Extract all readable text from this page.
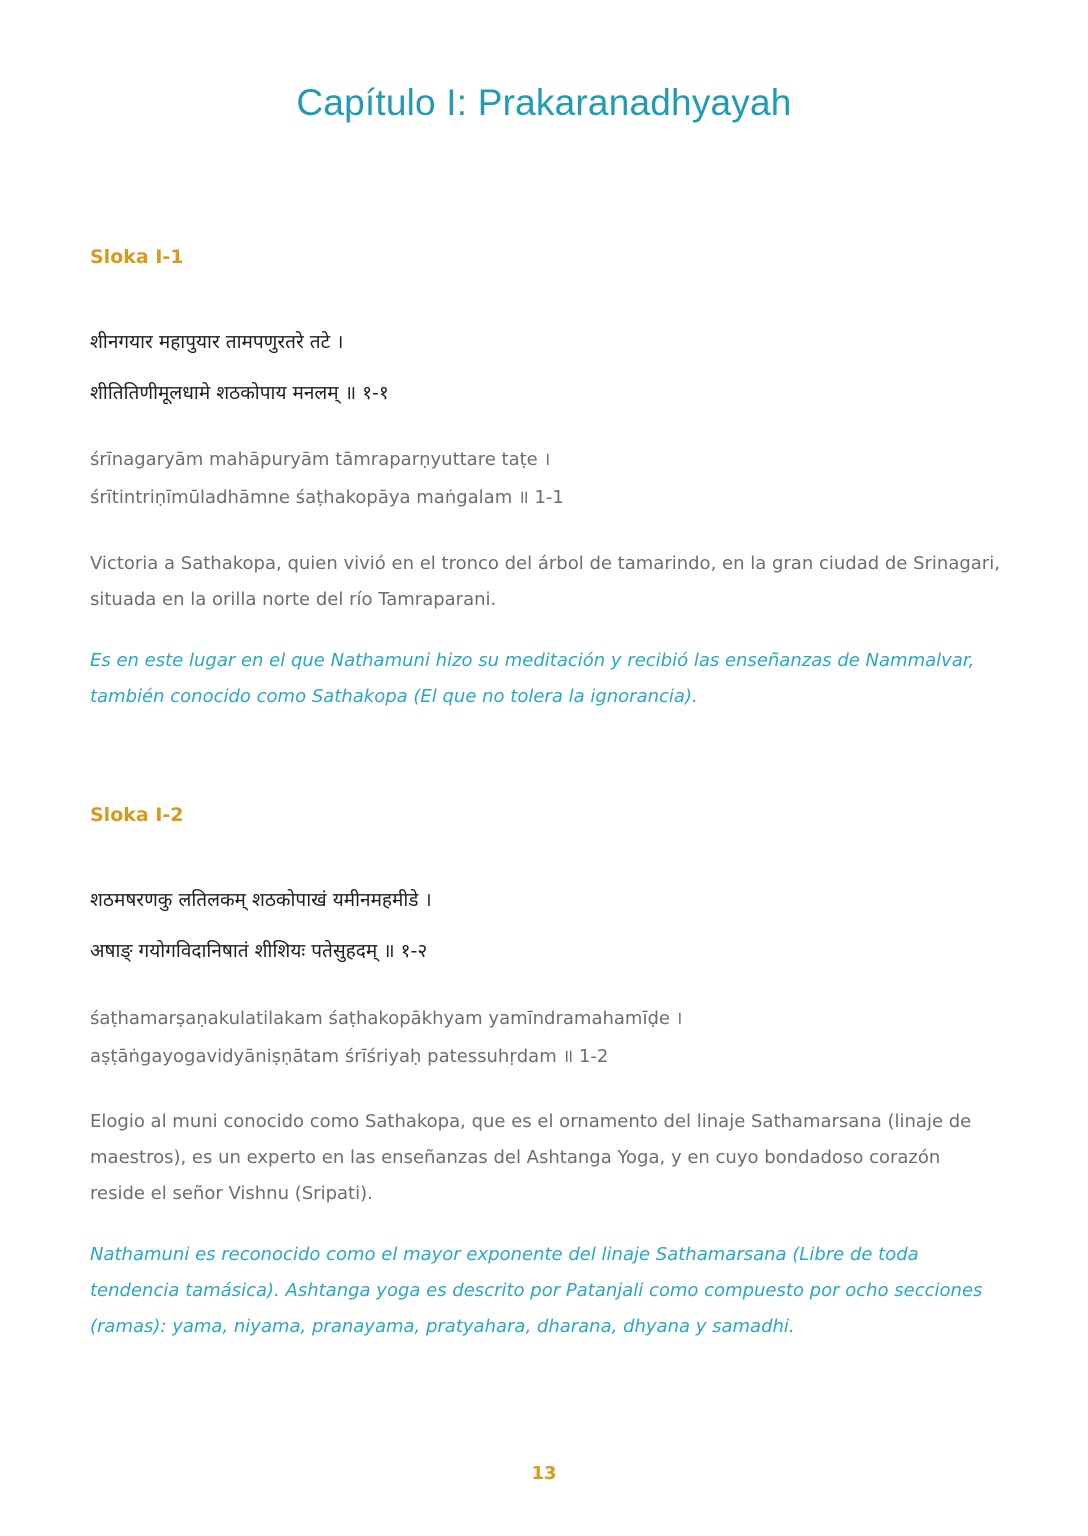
Capítulo I: Prakaranadhyayah
Sloka I-1
शीनगयार महापुयार तामपणुरतरे तटे ।
शीतितिणीमूलधामे शठकोपाय मनलम् ॥ १-१
śrīnagaryām mahāpuryām tāmraparṇyuttare taṭe ।
śrītintriṇīmūladhāmne śaṭhakopāya maṅgalam ॥ 1-1

Victoria a Sathakopa, quien vivió en el tronco del árbol de tamarindo, en la gran ciudad de Srinagari, situada en la orilla norte del río Tamraparani.

Es en este lugar en el que Nathamuni hizo su meditación y recibió las enseñanzas de Nammalvar, también conocido como Sathakopa (El que no tolera la ignorancia).

Sloka I-2
शठमषरणकु लतिलकम् शठकोपाखं यमीनमहमीडे ।
अषाङ् गयोगविदानिषातं शीशियः पतेसुहदम् ॥ १-२
śaṭhamarṣaṇakulatilakam śaṭhakopākhyam yamīndramahamīḍe ।
aṣṭāṅgayogavidyāniṣṇātam śrīśriyaḥ patessuhṛdam ॥ 1-2

Elogio al muni conocido como Sathakopa, que es el ornamento del linaje Sathamarsana (linaje de maestros), es un experto en las enseñanzas del Ashtanga Yoga, y en cuyo bondadoso corazón reside el señor Vishnu (Sripati).

Nathamuni es reconocido como el mayor exponente del linaje Sathamarsana (Libre de toda tendencia tamásica). Ashtanga yoga es descrito por Patanjali como compuesto por ocho secciones (ramas): yama, niyama, pranayama, pratyahara, dharana, dhyana y samadhi.

13
